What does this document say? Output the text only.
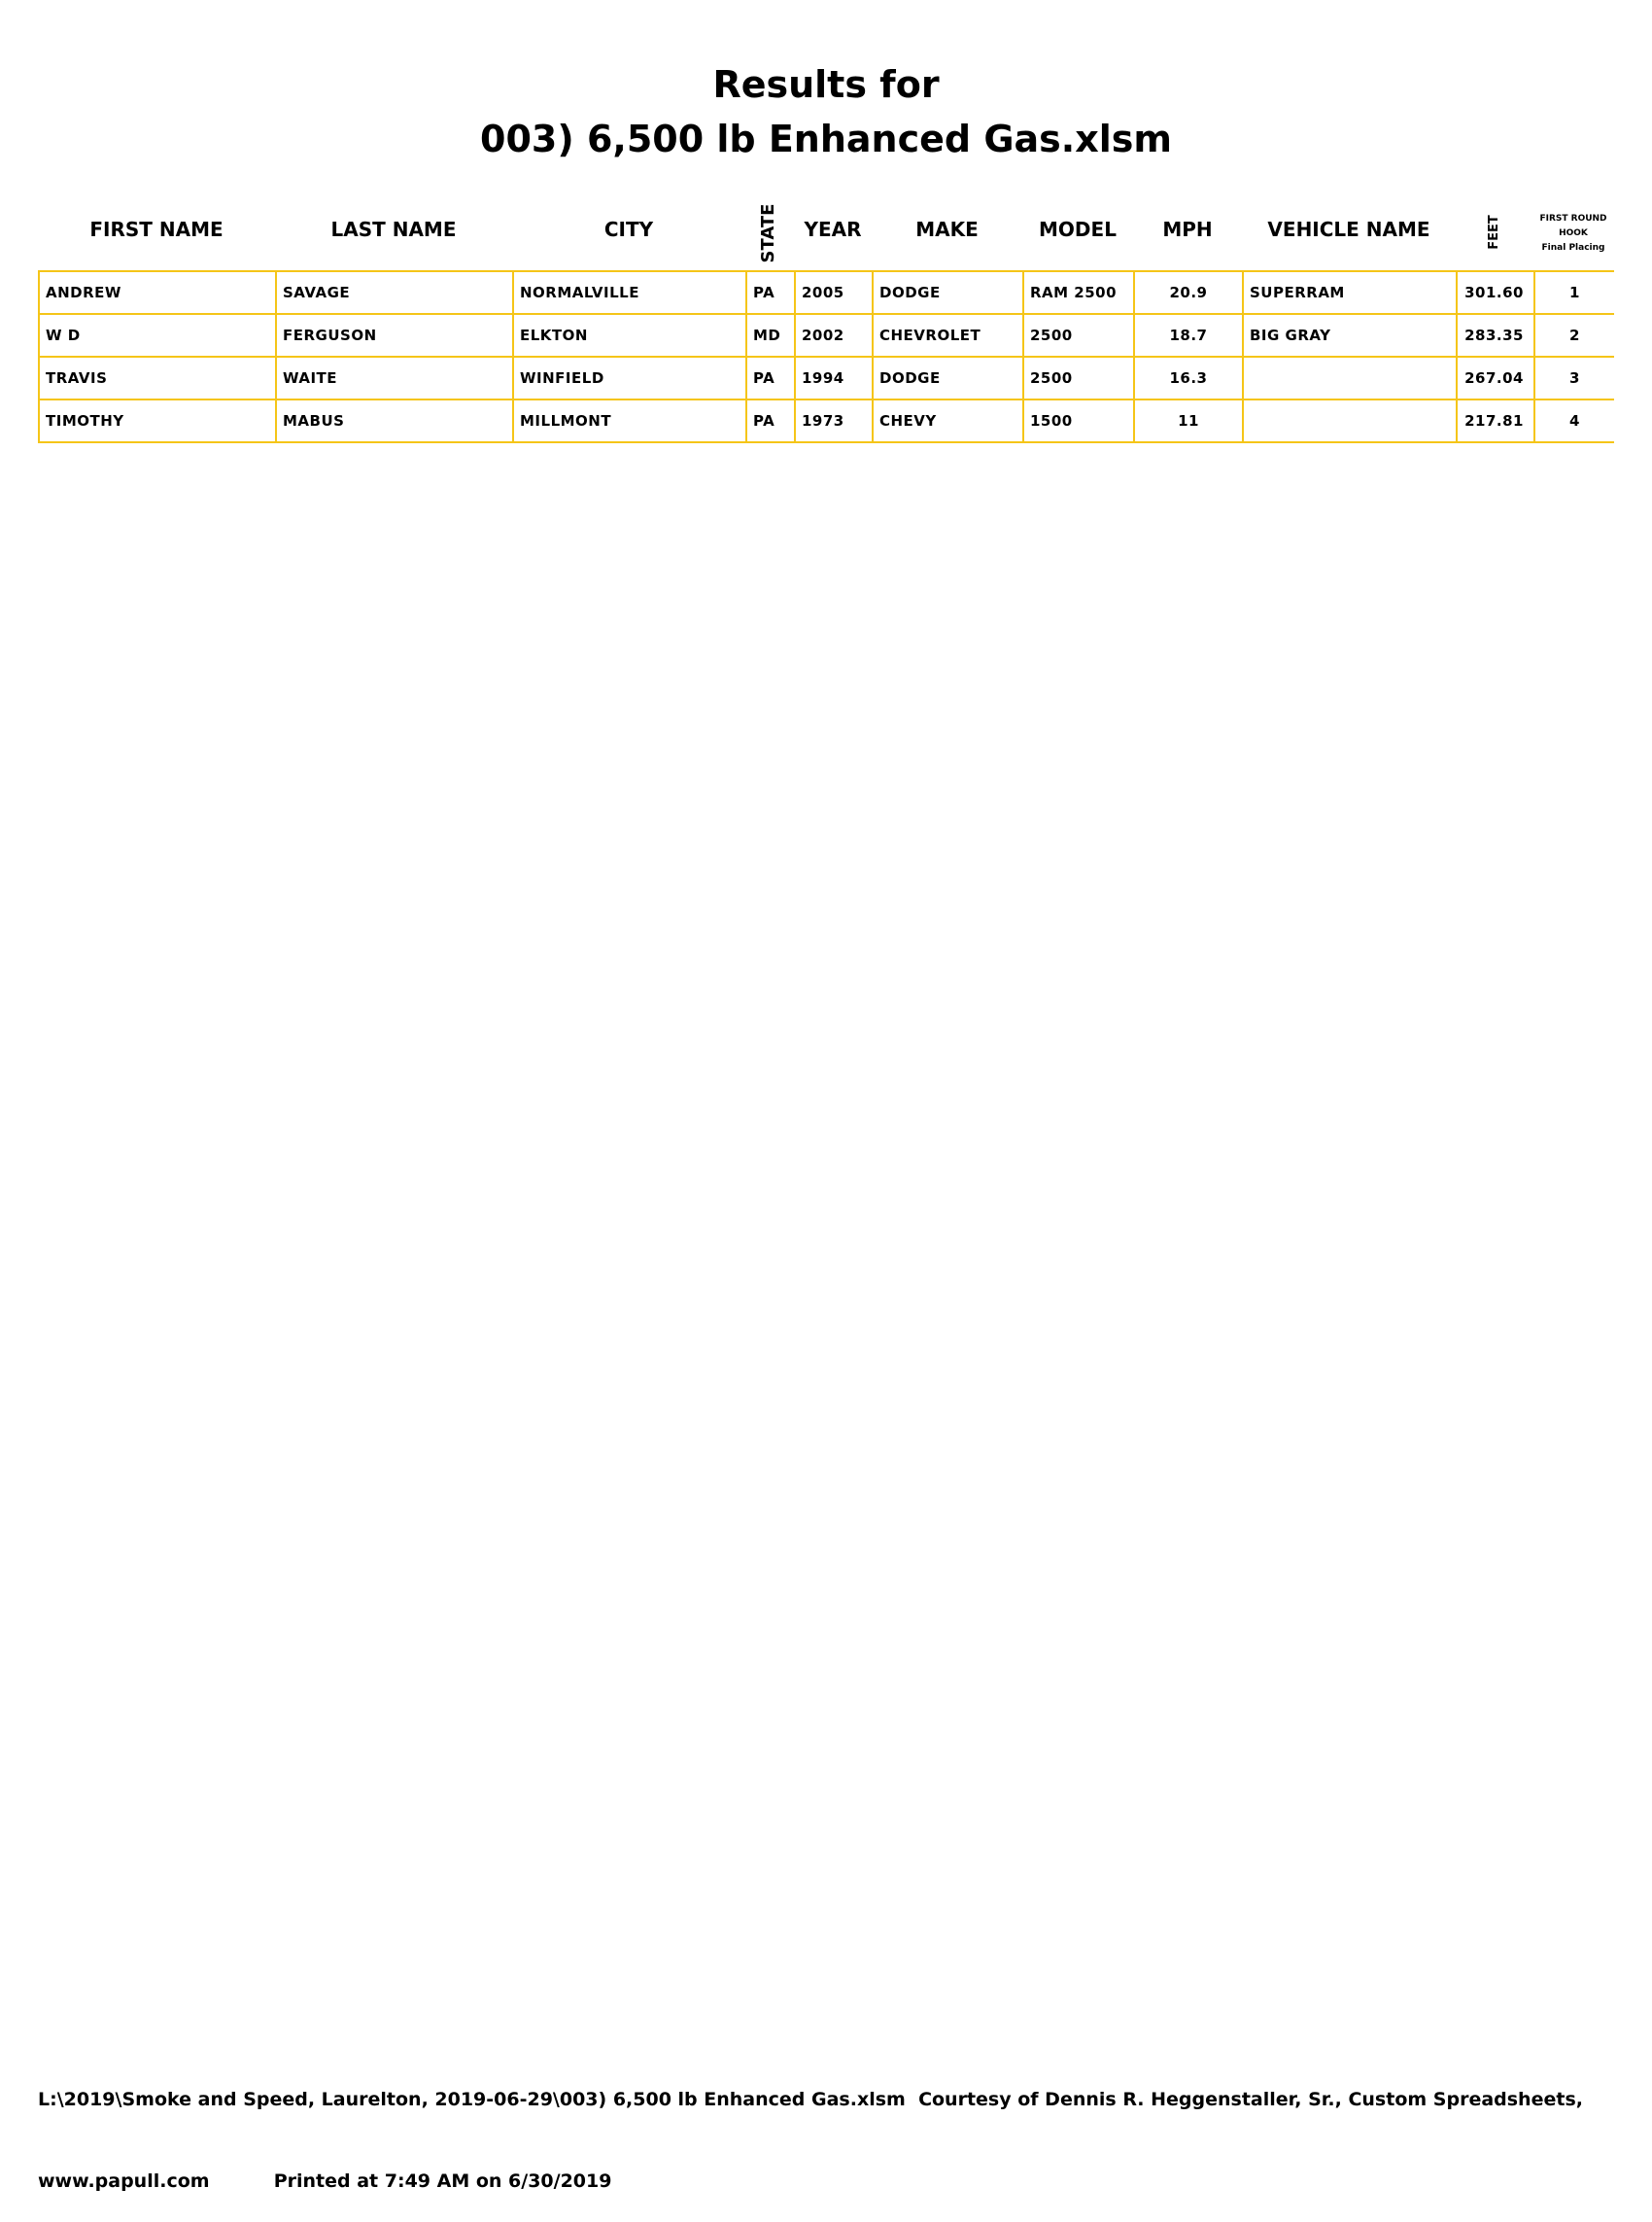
Results for
003) 6,500 lb Enhanced Gas.xlsm
FIRST NAME	LAST NAME	CITY	STATE	YEAR	MAKE	MODEL	MPH	VEHICLE NAME	FEET	FIRST ROUND
HOOK
Final Placing
ANDREW	SAVAGE	NORMALVILLE	PA	2005	DODGE	RAM 2500	20.9	SUPERRAM	301.60	1
W D	FERGUSON	ELKTON	MD	2002	CHEVROLET	2500	18.7	BIG GRAY	283.35	2
TRAVIS	WAITE	WINFIELD	PA	1994	DODGE	2500	16.3		267.04	3
TIMOTHY	MABUS	MILLMONT	PA	1973	CHEVY	1500	11		217.81	4

L:\2019\Smoke and Speed, Laurelton, 2019-06-29\003) 6,500 lb Enhanced Gas.xlsm  Courtesy of Dennis R. Heggenstaller, Sr., Custom Spreadsheets,

www.papull.com          Printed at 7:49 AM on 6/30/2019
